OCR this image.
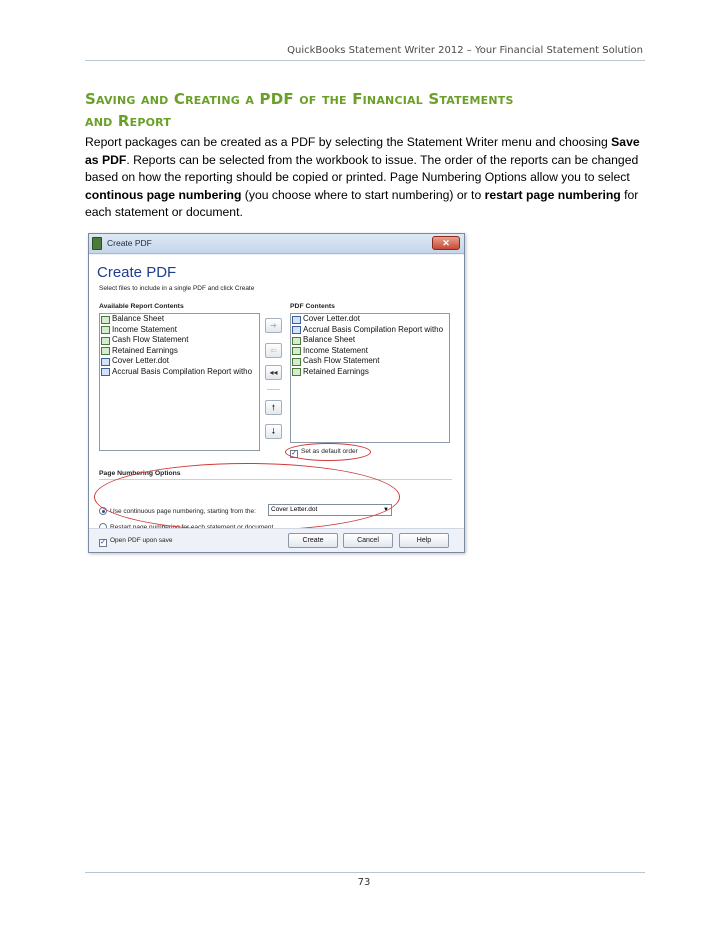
QuickBooks Statement Writer 2012 – Your Financial Statement Solution
Saving and Creating a PDF of the Financial Statements
and Report

Report packages can be created as a PDF by selecting the Statement Writer menu and choosing Save as PDF. Reports can be selected from the workbook to issue. The order of the reports can be changed based on how the reporting should be copied or printed. Page Numbering Options allow you to select continous page numbering (you choose where to start numbering) or to restart page numbering for each statement or document.

Create PDF	✕
Create PDF
Select files to include in a single PDF and click Create
Available Report Contents
Balance Sheet
Income Statement
Cash Flow Statement
Retained Earnings
Cover Letter.dot
Accrual Basis Compilation Report witho
➔
⇦
◂◂
🠕
🠗
PDF Contents
Cover Letter.dot
Accrual Basis Compilation Report witho
Balance Sheet
Income Statement
Cash Flow Statement
Retained Earnings
✓ Set as default order
Page Numbering Options
Use continuous page numbering, starting from the:	Cover Letter.dot	▼
✓ Open PDF upon save	Create	Cancel	Help
73
